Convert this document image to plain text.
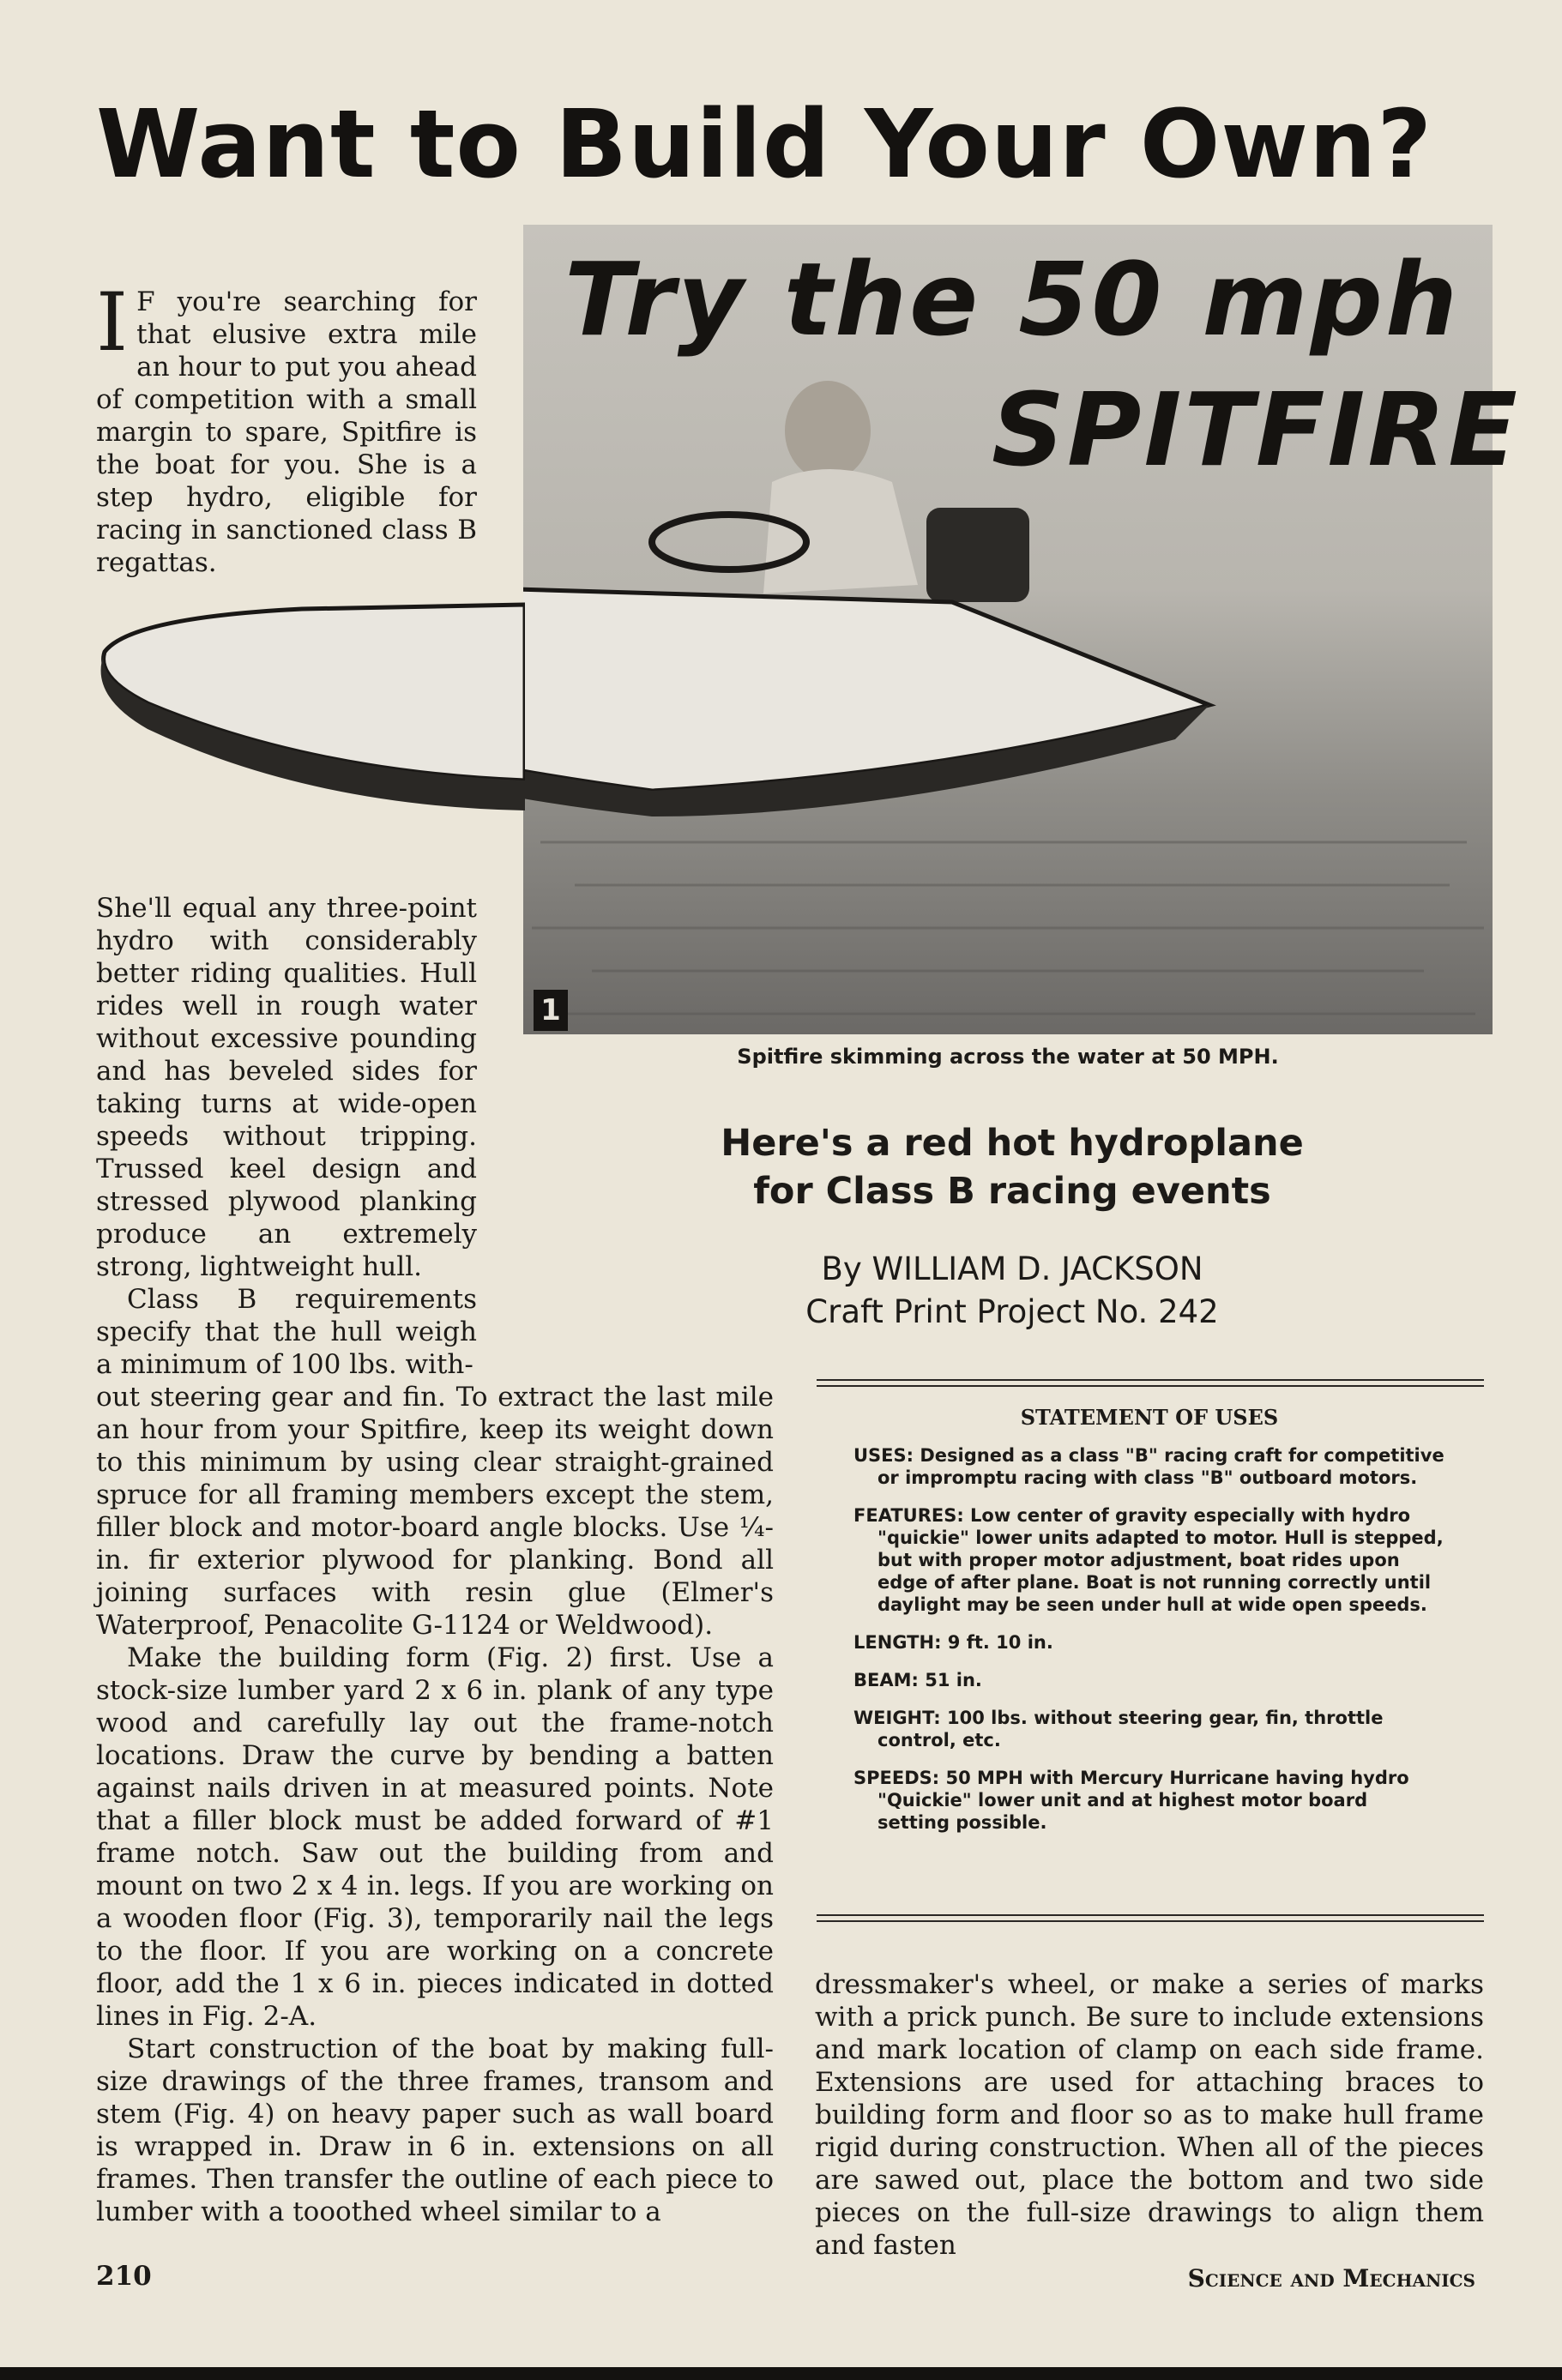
Want to Build Your Own?
Try the 50 mph
SPITFIRE
1
I F you're searching for that elusive extra mile an hour to put you ahead of competition with a small margin to spare, Spitfire is the boat for you. She is a step hydro, eligible for racing in sanctioned class B regattas.

She'll equal any three-point hydro with considerably better riding qualities. Hull rides well in rough water without excessive pounding and has beveled sides for taking turns at wide-open speeds without tripping. Trussed keel design and stressed plywood planking produce an extremely strong, lightweight hull.

Class B requirements specify that the hull weigh a minimum of 100 lbs. with-

out steering gear and fin. To extract the last mile an hour from your Spitfire, keep its weight down to this minimum by using clear straight-grained spruce for all framing members except the stem, filler block and motor-board angle blocks. Use ¼-in. fir exterior plywood for planking. Bond all joining surfaces with resin glue (Elmer's Waterproof, Penacolite G-1124 or Weldwood).

Make the building form (Fig. 2) first. Use a stock-size lumber yard 2 x 6 in. plank of any type wood and carefully lay out the frame-notch locations. Draw the curve by bending a batten against nails driven in at measured points. Note that a filler block must be added forward of #1 frame notch. Saw out the building from and mount on two 2 x 4 in. legs. If you are working on a wooden floor (Fig. 3), temporarily nail the legs to the floor. If you are working on a concrete floor, add the 1 x 6 in. pieces indicated in dotted lines in Fig. 2-A.

Start construction of the boat by making full-size drawings of the three frames, transom and stem (Fig. 4) on heavy paper such as wall board is wrapped in. Draw in 6 in. extensions on all frames. Then transfer the outline of each piece to lumber with a tooothed wheel similar to a

Spitfire skimming across the water at 50 MPH.
Here's a red hot hydroplane
for Class B racing events
By WILLIAM D. JACKSON
Craft Print Project No. 242
STATEMENT OF USES
USES: Designed as a class "B" racing craft for competitive or impromptu racing with class "B" outboard motors.
FEATURES: Low center of gravity especially with hydro "quickie" lower units adapted to motor. Hull is stepped, but with proper motor adjustment, boat rides upon edge of after plane. Boat is not running correctly until daylight may be seen under hull at wide open speeds.
LENGTH: 9 ft. 10 in.
BEAM: 51 in.
WEIGHT: 100 lbs. without steering gear, fin, throttle control, etc.
SPEEDS: 50 MPH with Mercury Hurricane having hydro "Quickie" lower unit and at highest motor board setting possible.
dressmaker's wheel, or make a series of marks with a prick punch. Be sure to include extensions and mark location of clamp on each side frame. Extensions are used for attaching braces to building form and floor so as to make hull frame rigid during construction. When all of the pieces are sawed out, place the bottom and two side pieces on the full-size drawings to align them and fasten
210	Science and Mechanics
